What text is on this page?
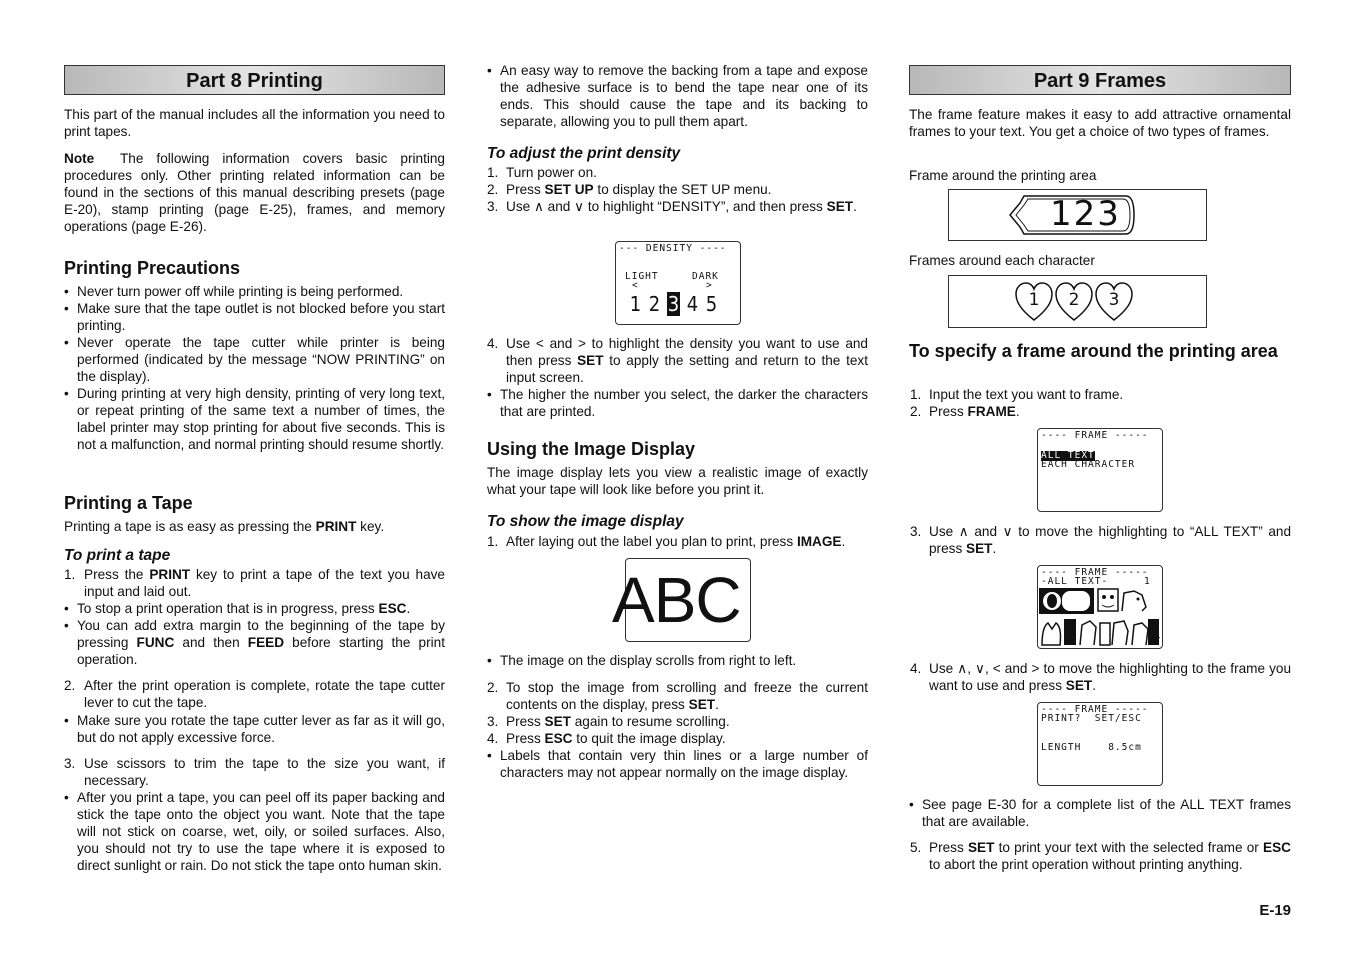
Part 8 Printing

This part of the manual includes all the information you need to print tapes.

Note The following information covers basic printing procedures only. Other printing related information can be found in the sections of this manual describing presets (page E-20), stamp printing (page E-25), frames, and memory operations (page E-26).

Printing Precautions
• Never turn power off while printing is being performed.
• Make sure that the tape outlet is not blocked before you start printing.
• Never operate the tape cutter while printer is being performed (indicated by the message “NOW PRINTING” on the display).
• During printing at very high density, printing of very long text, or repeat printing of the same text a number of times, the label printer may stop printing for about five seconds. This is not a malfunction, and normal printing should resume shortly.
Printing a Tape

Printing a tape is as easy as pressing the PRINT key.

To print a tape
1. Press the PRINT key to print a tape of the text you have input and laid out.
• To stop a print operation that is in progress, press ESC.
• You can add extra margin to the beginning of the tape by pressing FUNC and then FEED before starting the print operation.
2. After the print operation is complete, rotate the tape cutter lever to cut the tape.
• Make sure you rotate the tape cutter lever as far as it will go, but do not apply excessive force.
3. Use scissors to trim the tape to the size you want, if necessary.
• After you print a tape, you can peel off its paper backing and stick the tape onto the object you want. Note that the tape will not stick on coarse, wet, oily, or soiled surfaces. Also, you should not try to use the tape where it is exposed to direct sunlight or rain. Do not stick the tape onto human skin.
• An easy way to remove the backing from a tape and expose the adhesive surface is to bend the tape near one of its ends. This should cause the tape and its backing to separate, allowing you to pull them apart.
To adjust the print density
1. Turn power on.
2. Press SET UP to display the SET UP menu.
3. Use ∧ and ∨ to highlight “DENSITY”, and then press SET.
--- DENSITY ----
LIGHT	DARK
<	>
1 2 3 4 5
4. Use < and > to highlight the density you want to use and then press SET to apply the setting and return to the text input screen.
• The higher the number you select, the darker the characters that are printed.
Using the Image Display

The image display lets you view a realistic image of exactly what your tape will look like before you print it.

To show the image display
1. After laying out the label you plan to print, press IMAGE.
ABC
• The image on the display scrolls from right to left.
2. To stop the image from scrolling and freeze the current contents on the display, press SET.
3. Press SET again to resume scrolling.
4. Press ESC to quit the image display.
• Labels that contain very thin lines or a large number of characters may not appear normally on the image display.
Part 9 Frames

The frame feature makes it easy to add attractive ornamental frames to your text. You get a choice of two types of frames.

Frame around the printing area

123

Frames around each character

1	2	3
To specify a frame around the printing area
1. Input the text you want to frame.
2. Press FRAME.
---- FRAME -----
ALL TEXT
EACH CHARACTER
3. Use ∧ and ∨ to move the highlighting to “ALL TEXT” and press SET.
---- FRAME -----
-ALL TEXT-	1
4. Use ∧, ∨, < and > to move the highlighting to the frame you want to use and press SET.
---- FRAME -----
PRINT?  SET/ESC
LENGTH    8.5cm
• See page E-30 for a complete list of the ALL TEXT frames that are available.
5. Press SET to print your text with the selected frame or ESC to abort the print operation without printing anything.
E-19
